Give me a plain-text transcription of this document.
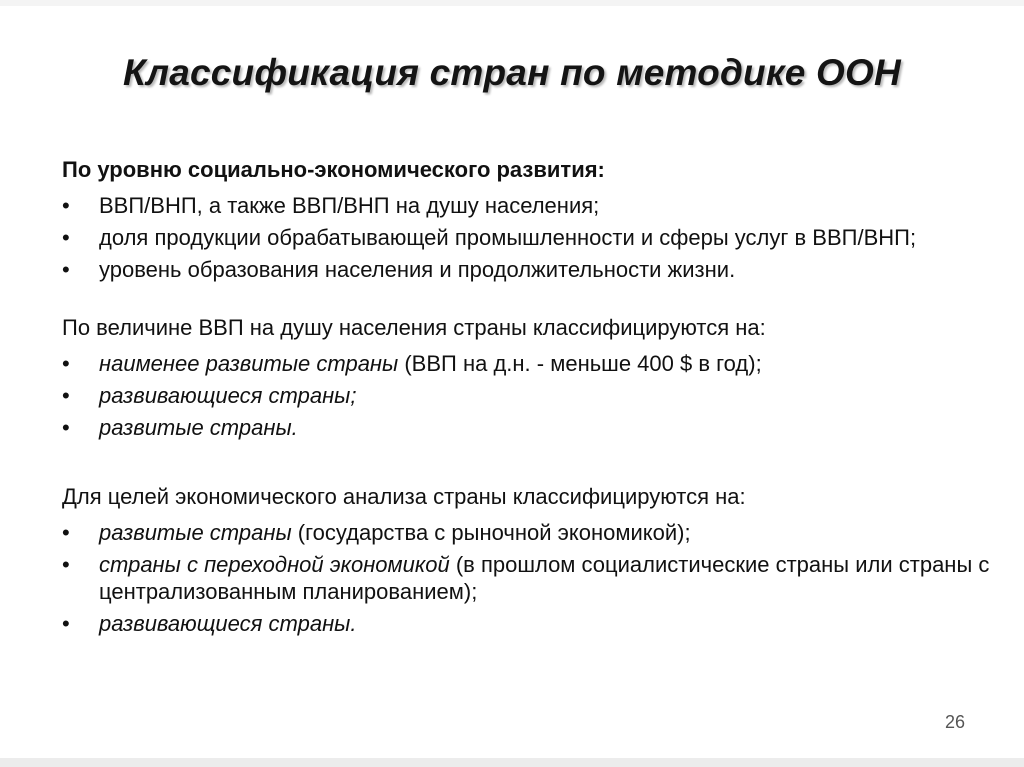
Классификация стран по методике ООН

По уровню социально-экономического развития:

•	ВВП/ВНП, а также ВВП/ВНП на душу населения;
•	доля продукции обрабатывающей промышленности и сферы услуг в ВВП/ВНП;
•	уровень образования населения и продолжительности жизни.

По величине ВВП на душу населения страны классифицируются на:

•	наименее развитые страны (ВВП на д.н. - меньше 400 $ в год);
•	развивающиеся страны;
•	развитые страны.

Для целей экономического анализа страны классифицируются на:

•	развитые страны (государства с рыночной экономикой);
•	страны с переходной экономикой (в прошлом социалистические страны или страны с централизованным планированием);
•	развивающиеся страны.
26
